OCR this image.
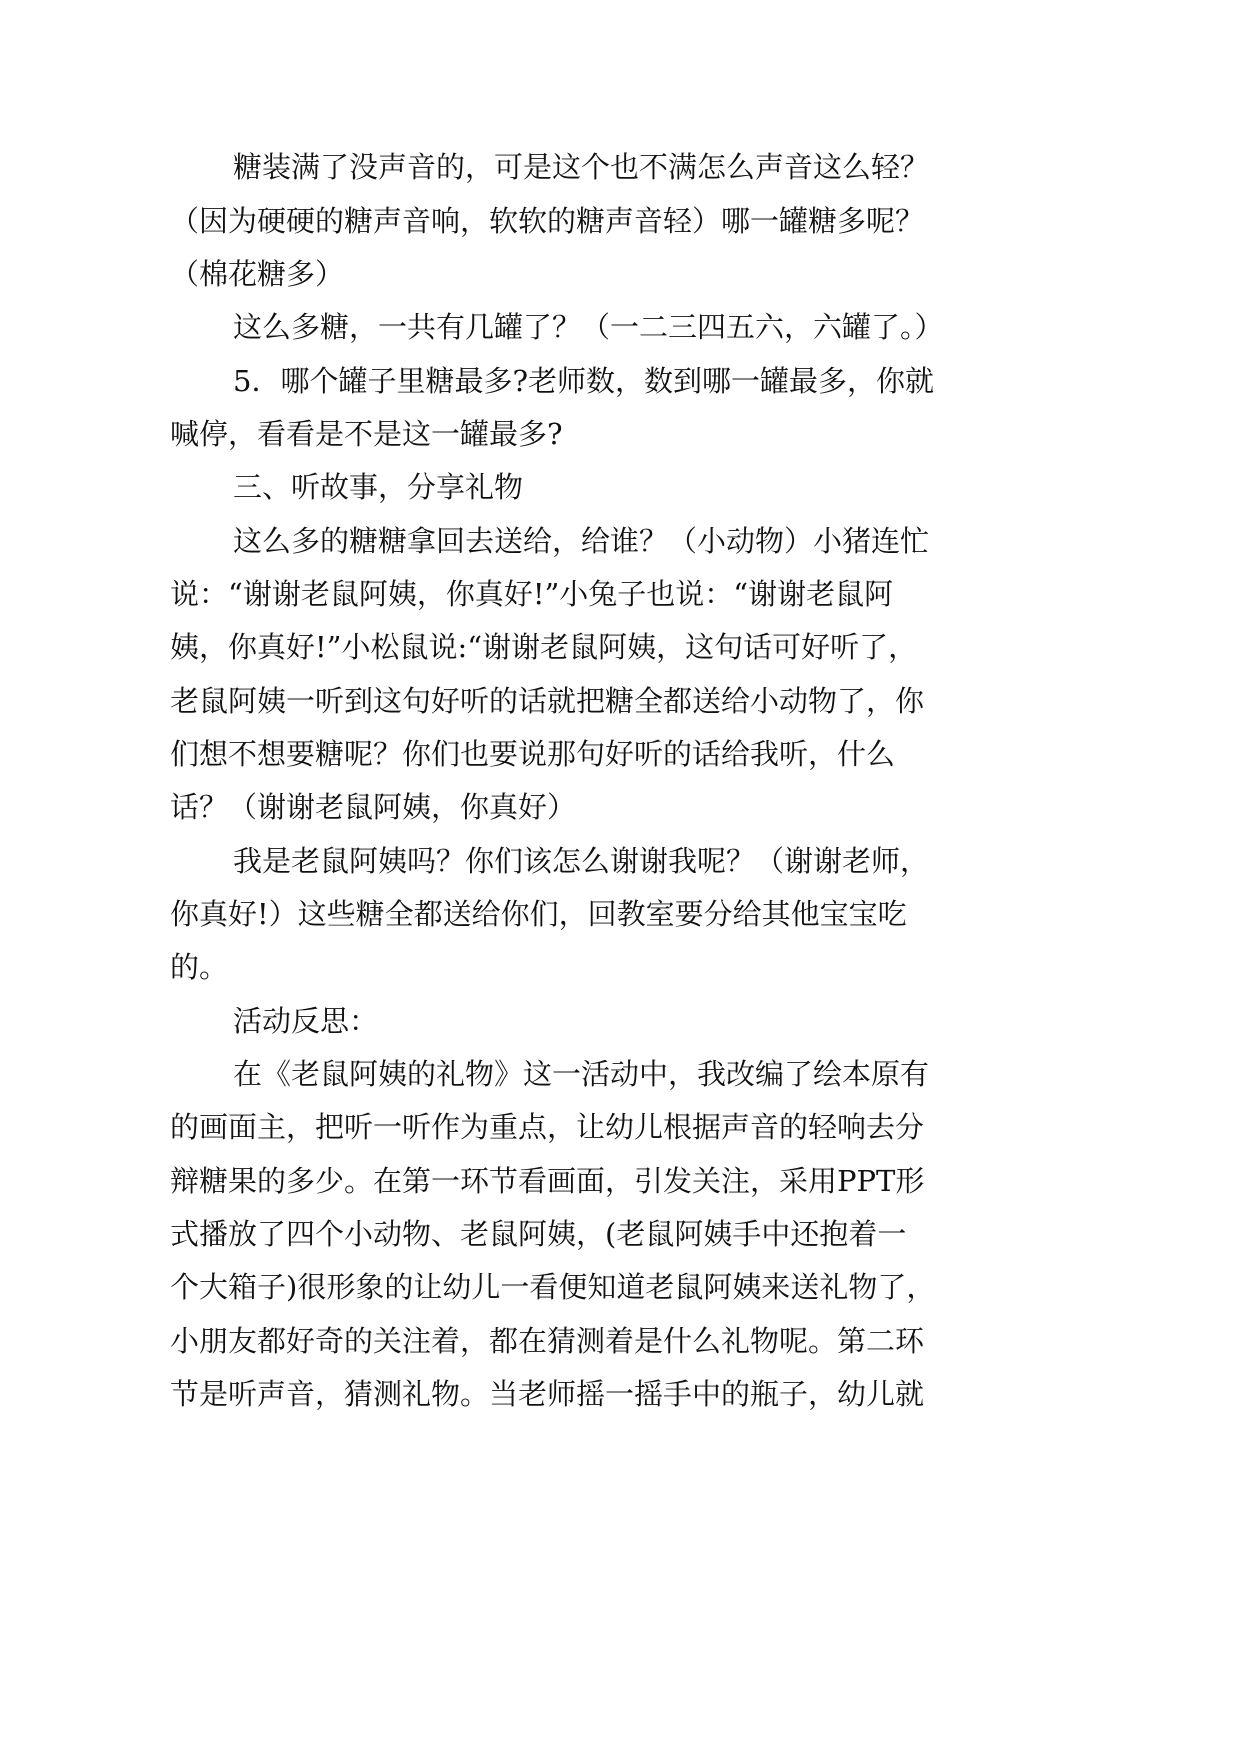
糖装满了没声音的，可是这个也不满怎么声音这么轻？
（因为硬硬的糖声音响，软软的糖声音轻）哪一罐糖多呢？
（棉花糖多）
这么多糖，一共有几罐了？（一二三四五六，六罐了。）
5．哪个罐子里糖最多?老师数，数到哪一罐最多，你就
喊停，看看是不是这一罐最多?
三、听故事，分享礼物
这么多的糖糖拿回去送给，给谁？（小动物）小猪连忙
说：“谢谢老鼠阿姨，你真好!”小兔子也说：“谢谢老鼠阿
姨，你真好!”小松鼠说:“谢谢老鼠阿姨，这句话可好听了，
老鼠阿姨一听到这句好听的话就把糖全都送给小动物了，你
们想不想要糖呢？你们也要说那句好听的话给我听，什么
话？（谢谢老鼠阿姨，你真好）
我是老鼠阿姨吗？你们该怎么谢谢我呢？（谢谢老师，
你真好!）这些糖全都送给你们，回教室要分给其他宝宝吃
的。
活动反思：
在《老鼠阿姨的礼物》这一活动中，我改编了绘本原有
的画面主，把听一听作为重点，让幼儿根据声音的轻响去分
辩糖果的多少。在第一环节看画面，引发关注，采用PPT形
式播放了四个小动物、老鼠阿姨，(老鼠阿姨手中还抱着一
个大箱子)很形象的让幼儿一看便知道老鼠阿姨来送礼物了，
小朋友都好奇的关注着，都在猜测着是什么礼物呢。第二环
节是听声音，猜测礼物。当老师摇一摇手中的瓶子，幼儿就
